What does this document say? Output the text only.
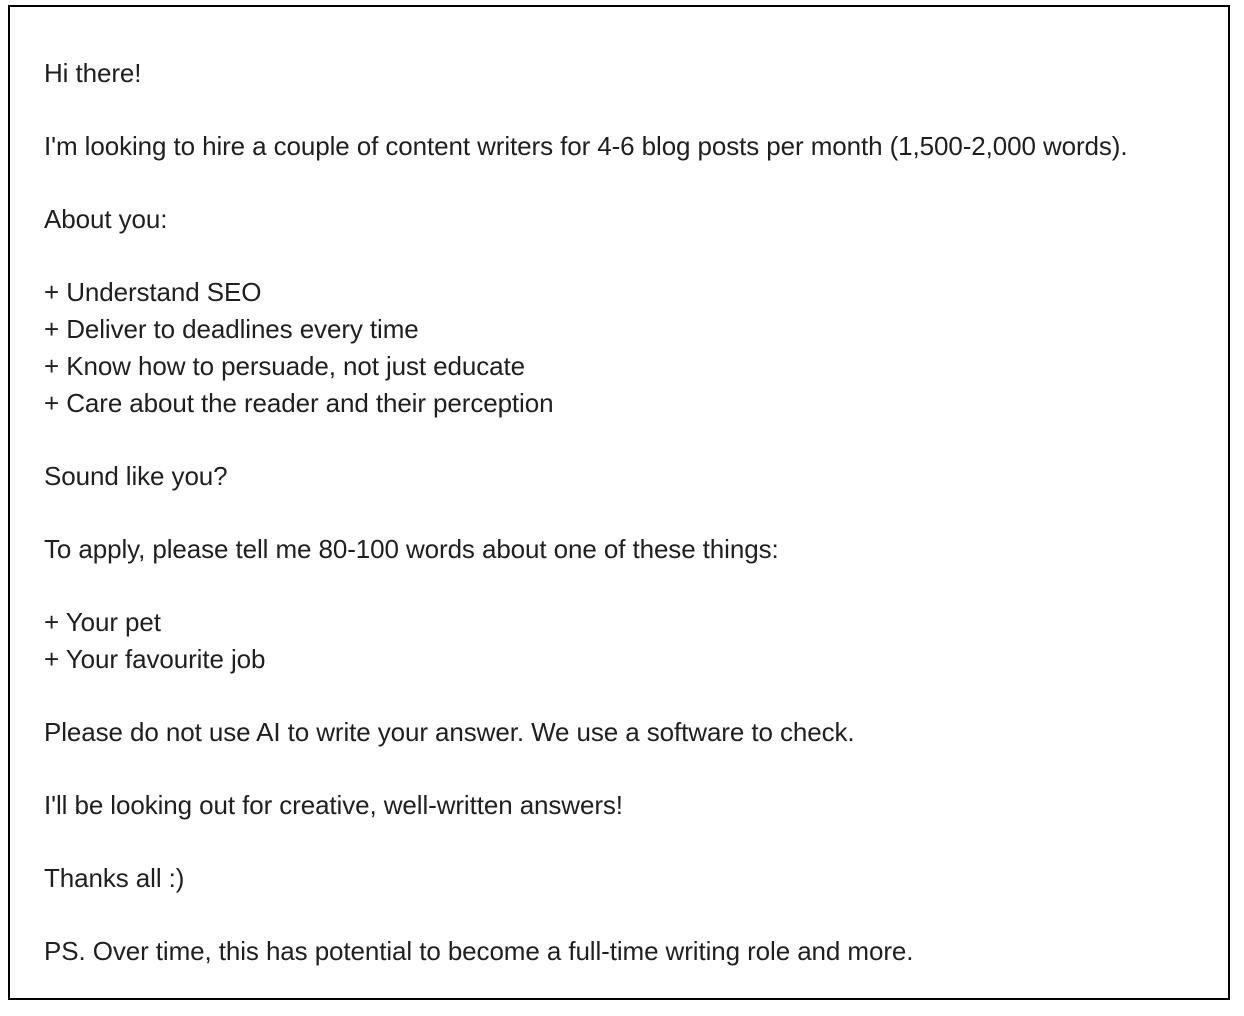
Hi there!

I'm looking to hire a couple of content writers for 4-6 blog posts per month (1,500-2,000 words).

About you:

+ Understand SEO
+ Deliver to deadlines every time
+ Know how to persuade, not just educate
+ Care about the reader and their perception

Sound like you?

To apply, please tell me 80-100 words about one of these things:

+ Your pet
+ Your favourite job

Please do not use AI to write your answer. We use a software to check.

I'll be looking out for creative, well-written answers!

Thanks all :)

PS. Over time, this has potential to become a full-time writing role and more.
